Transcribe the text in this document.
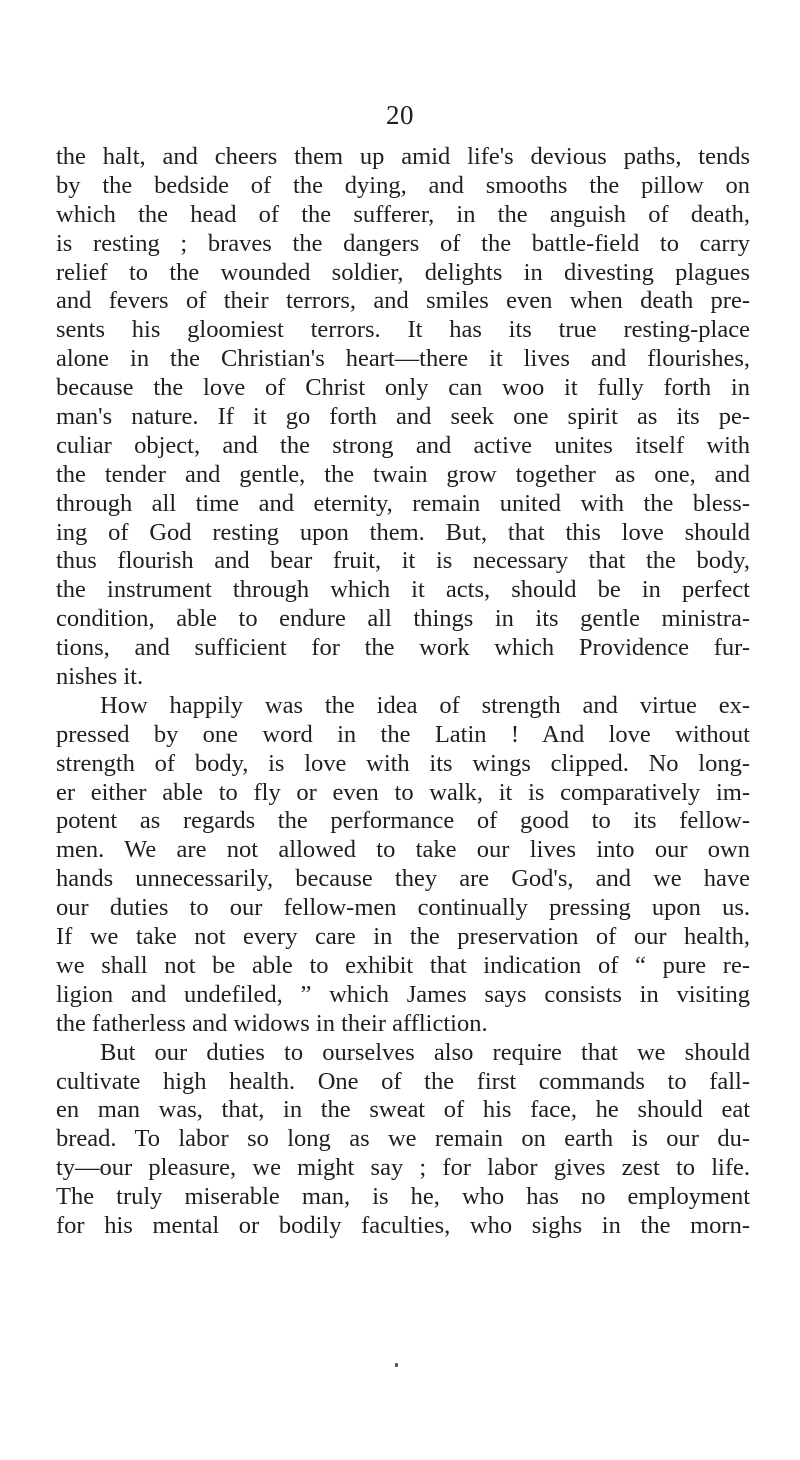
20
the halt, and cheers them up amid life's devious paths, tends
by the bedside of the dying, and smooths the pillow on
which the head of the sufferer, in the anguish of death,
is resting ; braves the dangers of the battle-field to carry
relief to the wounded soldier, delights in divesting plagues
and fevers of their terrors, and smiles even when death pre-
sents his gloomiest terrors. It has its true resting-place
alone in the Christian's heart—there it lives and flourishes,
because the love of Christ only can woo it fully forth in
man's nature. If it go forth and seek one spirit as its pe-
culiar object, and the strong and active unites itself with
the tender and gentle, the twain grow together as one, and
through all time and eternity, remain united with the bless-
ing of God resting upon them. But, that this love should
thus flourish and bear fruit, it is necessary that the body,
the instrument through which it acts, should be in perfect
condition, able to endure all things in its gentle ministra-
tions, and sufficient for the work which Providence fur-
nishes it.
How happily was the idea of strength and virtue ex-
pressed by one word in the Latin ! And love without
strength of body, is love with its wings clipped. No long-
er either able to fly or even to walk, it is comparatively im-
potent as regards the performance of good to its fellow-
men. We are not allowed to take our lives into our own
hands unnecessarily, because they are God's, and we have
our duties to our fellow-men continually pressing upon us.
If we take not every care in the preservation of our health,
we shall not be able to exhibit that indication of “ pure re-
ligion and undefiled, ” which James says consists in visiting
the fatherless and widows in their affliction.
But our duties to ourselves also require that we should
cultivate high health. One of the first commands to fall-
en man was, that, in the sweat of his face, he should eat
bread. To labor so long as we remain on earth is our du-
ty—our pleasure, we might say ; for labor gives zest to life.
The truly miserable man, is he, who has no employment
for his mental or bodily faculties, who sighs in the morn-
